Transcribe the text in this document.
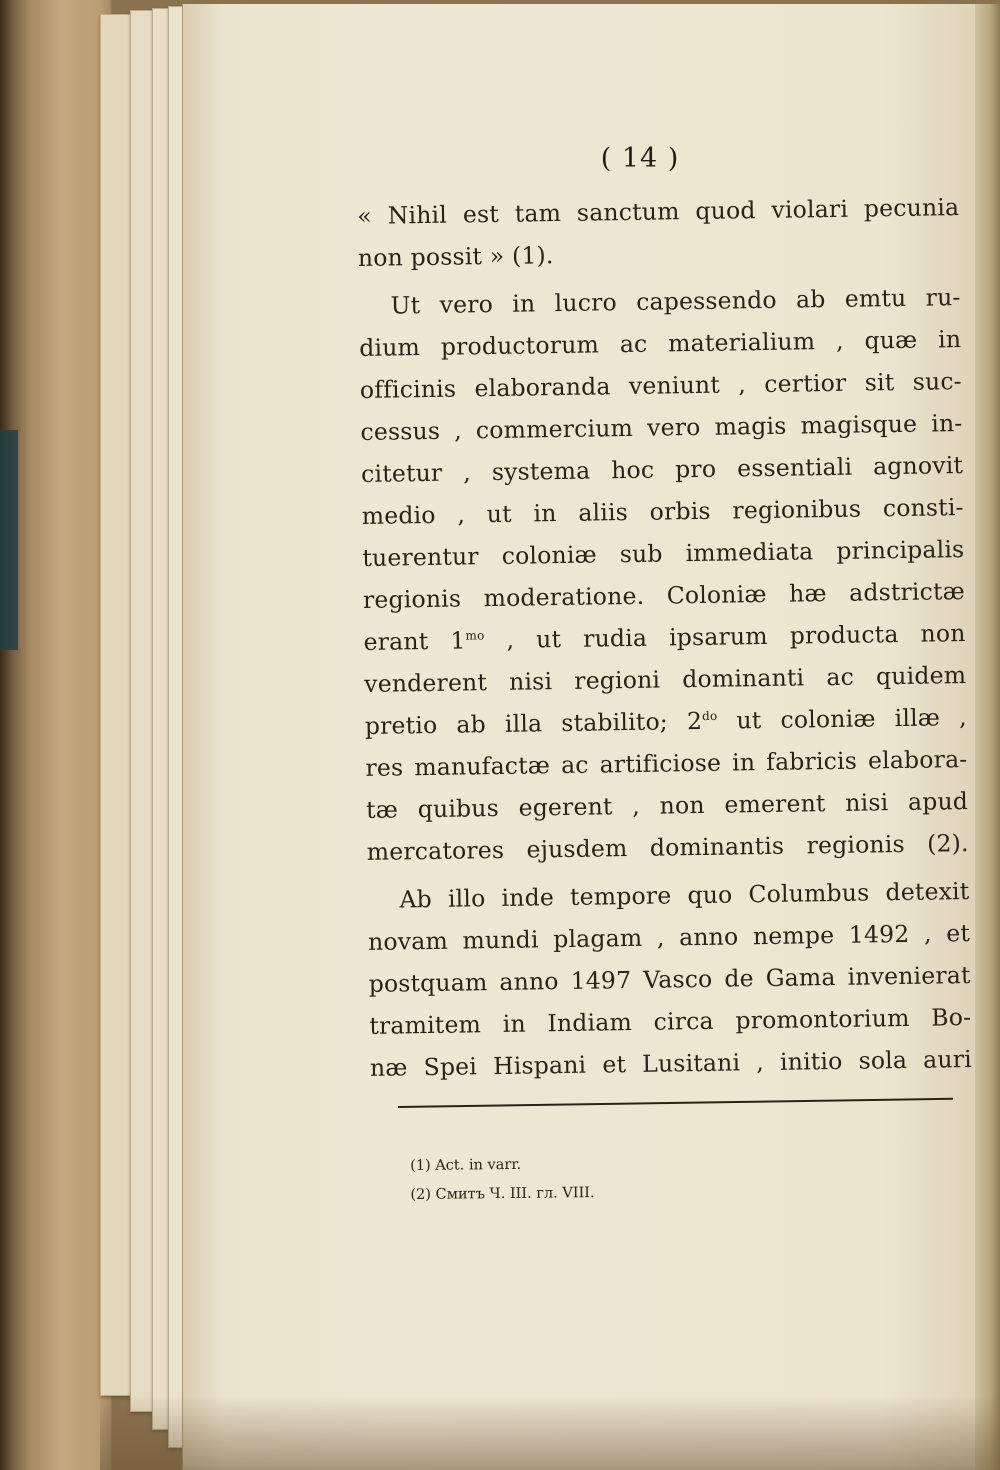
( 14 )
« Nihil est tam sanctum quod violari pecunia
non possit » (1).
Ut vero in lucro capessendo ab emtu ru-
dium productorum ac materialium , quæ in
officinis elaboranda veniunt , certior sit suc-
cessus , commercium vero magis magisque in-
citetur , systema hoc pro essentiali agnovit
medio , ut in aliis orbis regionibus consti-
tuerentur coloniæ sub immediata principalis
regionis moderatione. Coloniæ hæ adstrictæ
erant $1^{mo}$ , ut rudia ipsarum producta non
venderent nisi regioni dominanti ac quidem
pretio ab illa stabilito; $2^{do}$ ut coloniæ illæ ,
res manufactæ ac artificiose in fabricis elabora-
tæ quibus egerent , non emerent nisi apud
mercatores ejusdem dominantis regionis (2).
Ab illo inde tempore quo Columbus detexit
novam mundi plagam , anno nempe 1492 , et
postquam anno 1497 Vasco de Gama invenierat
tramitem in Indiam circa promontorium Bo-
næ Spei Hispani et Lusitani , initio sola auri
(1) Act. in varr.
(2) Смитъ Ч. III. гл. VIII.
